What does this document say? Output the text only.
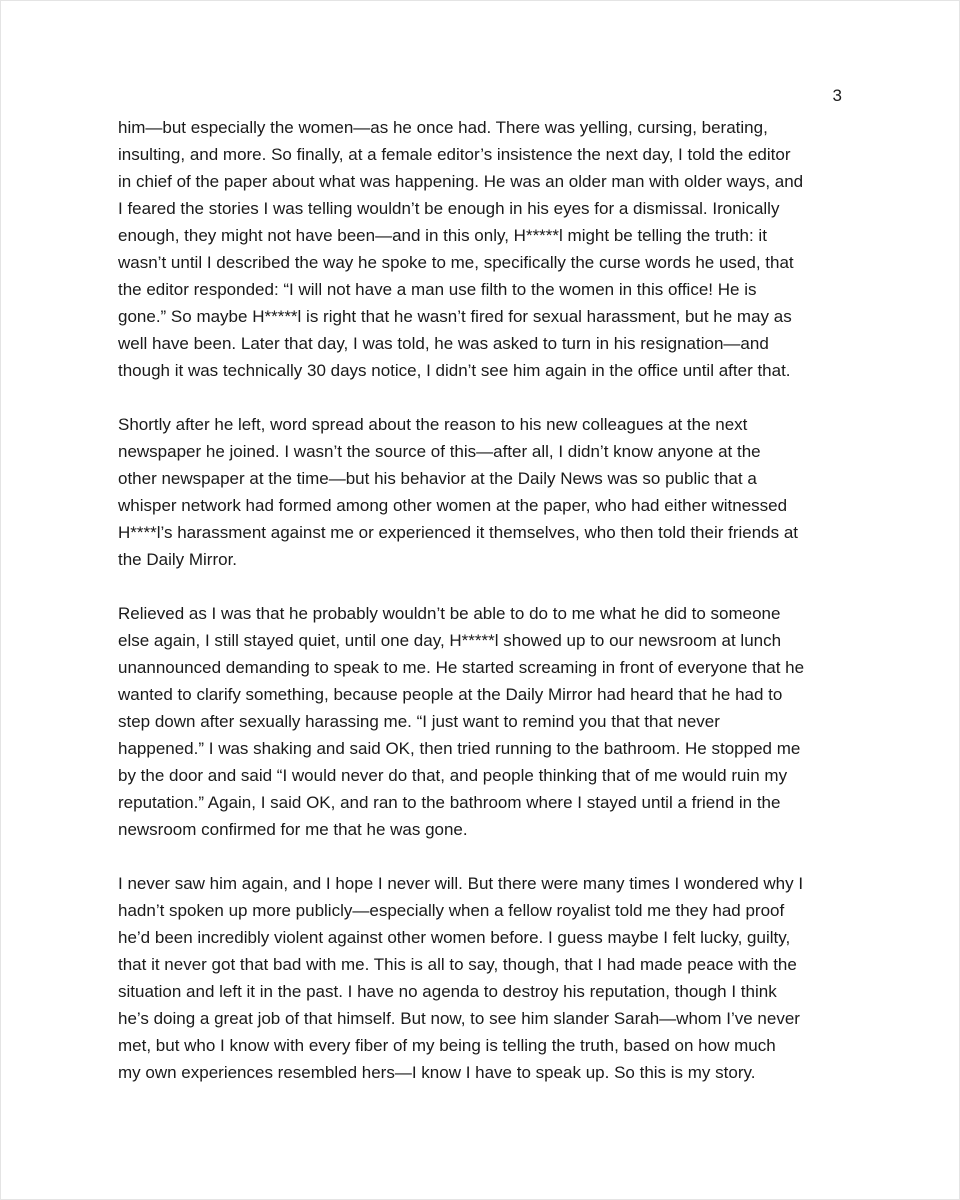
3
him—but especially the women—as he once had. There was yelling, cursing, berating,
insulting, and more. So finally, at a female editor’s insistence the next day, I told the editor
in chief of the paper about what was happening. He was an older man with older ways, and
I feared the stories I was telling wouldn’t be enough in his eyes for a dismissal. Ironically
enough, they might not have been—and in this only, H*****l might be telling the truth: it
wasn’t until I described the way he spoke to me, specifically the curse words he used, that
the editor responded: “I will not have a man use filth to the women in this office! He is
gone.” So maybe H*****l is right that he wasn’t fired for sexual harassment, but he may as
well have been. Later that day, I was told, he was asked to turn in his resignation—and
though it was technically 30 days notice, I didn’t see him again in the office until after that.
Shortly after he left, word spread about the reason to his new colleagues at the next
newspaper he joined. I wasn’t the source of this—after all, I didn’t know anyone at the
other newspaper at the time—but his behavior at the Daily News was so public that a
whisper network had formed among other women at the paper, who had either witnessed
H****l’s harassment against me or experienced it themselves, who then told their friends at
the Daily Mirror.
Relieved as I was that he probably wouldn’t be able to do to me what he did to someone
else again, I still stayed quiet, until one day, H*****l showed up to our newsroom at lunch
unannounced demanding to speak to me. He started screaming in front of everyone that he
wanted to clarify something, because people at the Daily Mirror had heard that he had to
step down after sexually harassing me. “I just want to remind you that that never
happened.” I was shaking and said OK, then tried running to the bathroom. He stopped me
by the door and said “I would never do that, and people thinking that of me would ruin my
reputation.” Again, I said OK, and ran to the bathroom where I stayed until a friend in the
newsroom confirmed for me that he was gone.
I never saw him again, and I hope I never will. But there were many times I wondered why I
hadn’t spoken up more publicly—especially when a fellow royalist told me they had proof
he’d been incredibly violent against other women before. I guess maybe I felt lucky, guilty,
that it never got that bad with me. This is all to say, though, that I had made peace with the
situation and left it in the past. I have no agenda to destroy his reputation, though I think
he’s doing a great job of that himself. But now, to see him slander Sarah—whom I’ve never
met, but who I know with every fiber of my being is telling the truth, based on how much
my own experiences resembled hers—I know I have to speak up. So this is my story.
